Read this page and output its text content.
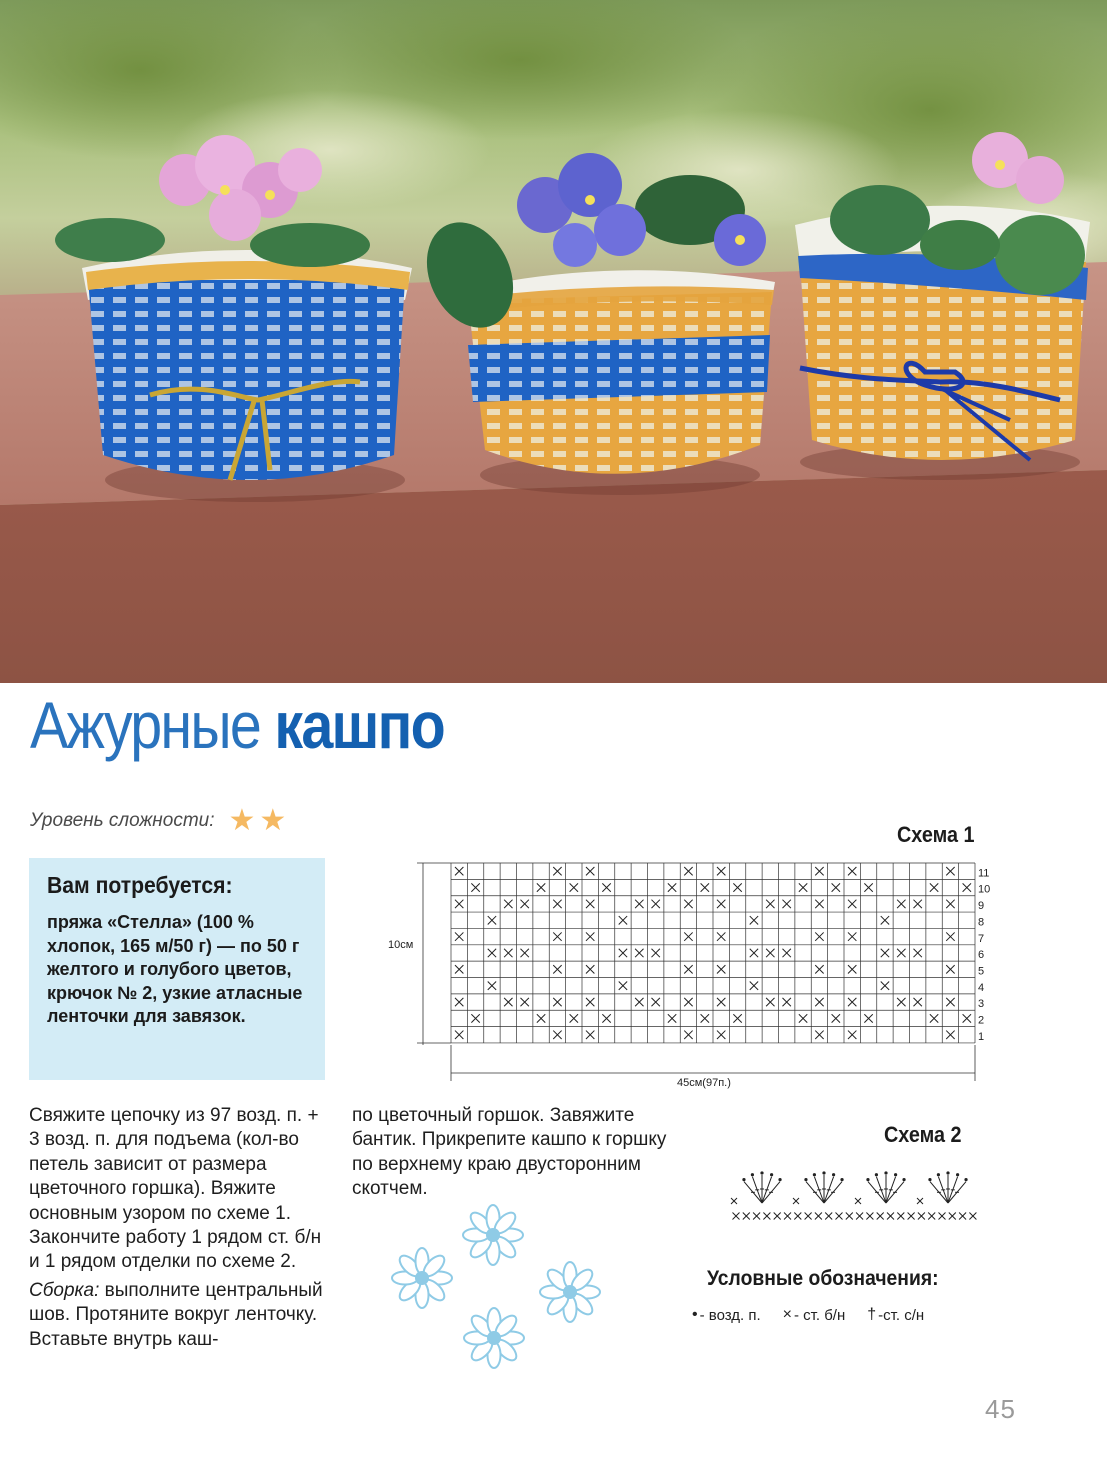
Ажурные кашпо
Уровень сложности: ★ ★
Вам потребуется:

пряжа «Стелла» (100 % хлопок, 165 м/50 г) — по 50 г желтого и голубого цветов, крючок № 2, узкие атласные ленточки для завязок.

Свяжите цепочку из 97 возд. п. + 3 возд. п. для подъема (кол-во петель зависит от размера цветочного горшка). Вяжите основным узором по схеме 1. Закончите работу 1 рядом ст. б/н и 1 рядом отделки по схеме 2.

Сборка: выполните центральный шов. Протяните вокруг ленточку. Вставьте внутрь каш-

по цветочный горшок. Завяжите бантик. Прикрепите кашпо к горшку по верхнему краю двусторонним скотчем.

Схема 1
10см
45см(97п.)
11
10
9
8
7
6
5
4
3
2
1
Схема 2
Условные обозначения:
• - возд. п. × - ст. б/н † -ст. с/н
45
